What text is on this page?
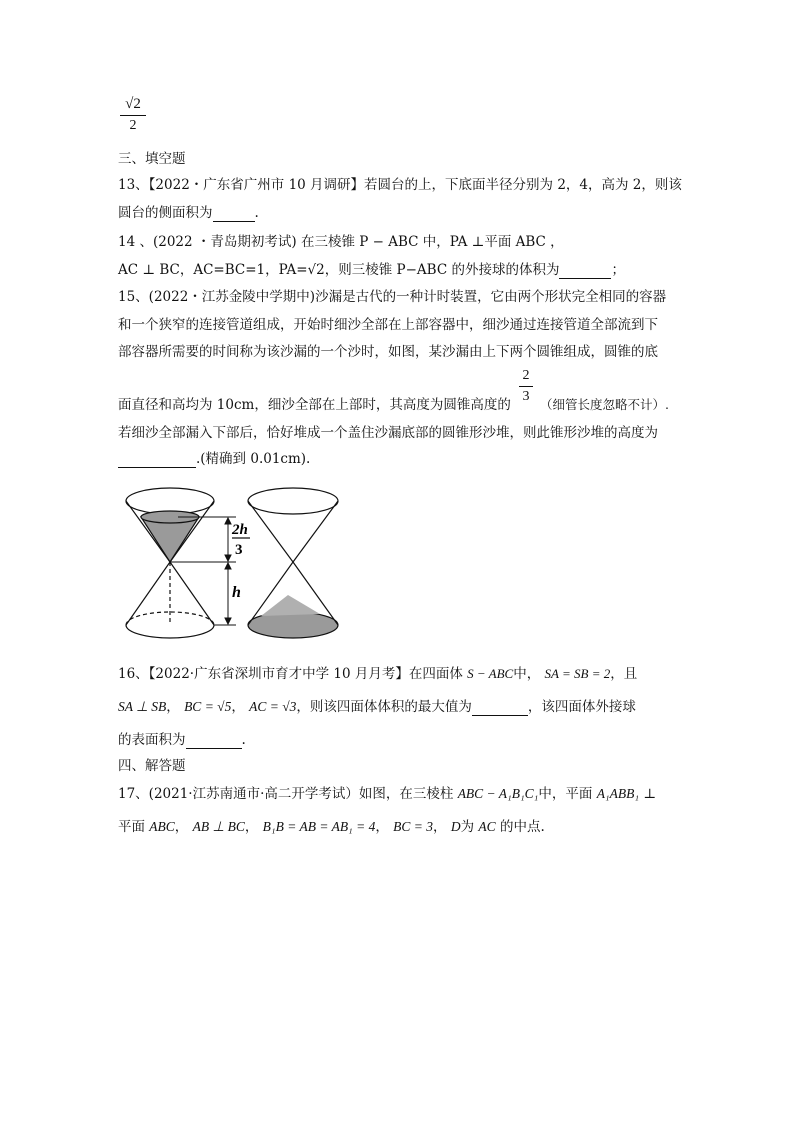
√2
2
三、填空题
13、【2022・广东省广州市 10 月调研】若圆台的上，下底面半径分别为 2，4，高为 2，则该
圆台的侧面积为	.
14 、(2022 ・青岛期初考试) 在三棱锥 P − ABC 中，PA ⊥平面 ABC ，
AC ⊥ BC，AC=BC=1，PA=√2，则三棱锥 P−ABC 的外接球的体积为	；
15、(2022・江苏金陵中学期中)沙漏是古代的一种计时装置，它由两个形状完全相同的容器
和一个狭窄的连接管道组成，开始时细沙全部在上部容器中，细沙通过连接管道全部流到下
部容器所需要的时间称为该沙漏的一个沙时，如图，某沙漏由上下两个圆锥组成，圆锥的底
2
3
面直径和高均为 10cm，细沙全部在上部时，其高度为圆锥高度的 （细管长度忽略不计）.
若细沙全部漏入下部后，恰好堆成一个盖住沙漏底部的圆锥形沙堆，则此锥形沙堆的高度为
.(精确到 0.01cm).
2h
3
h
16、【2022·广东省深圳市育才中学 10 月月考】在四面体 S − ABC中， SA = SB = 2，且
SA ⊥ SB， BC = √5， AC = √3，则该四面体体积的最大值为	，该四面体外接球
的表面积为	.
四、解答题
17、(2021·江苏南通市·高二开学考试）如图，在三棱柱 ABC − A₁B₁C₁中，平面 A₁ABB₁ ⊥
平面 ABC， AB ⊥ BC， B₁B = AB = AB₁ = 4， BC = 3， D为 AC 的中点.
